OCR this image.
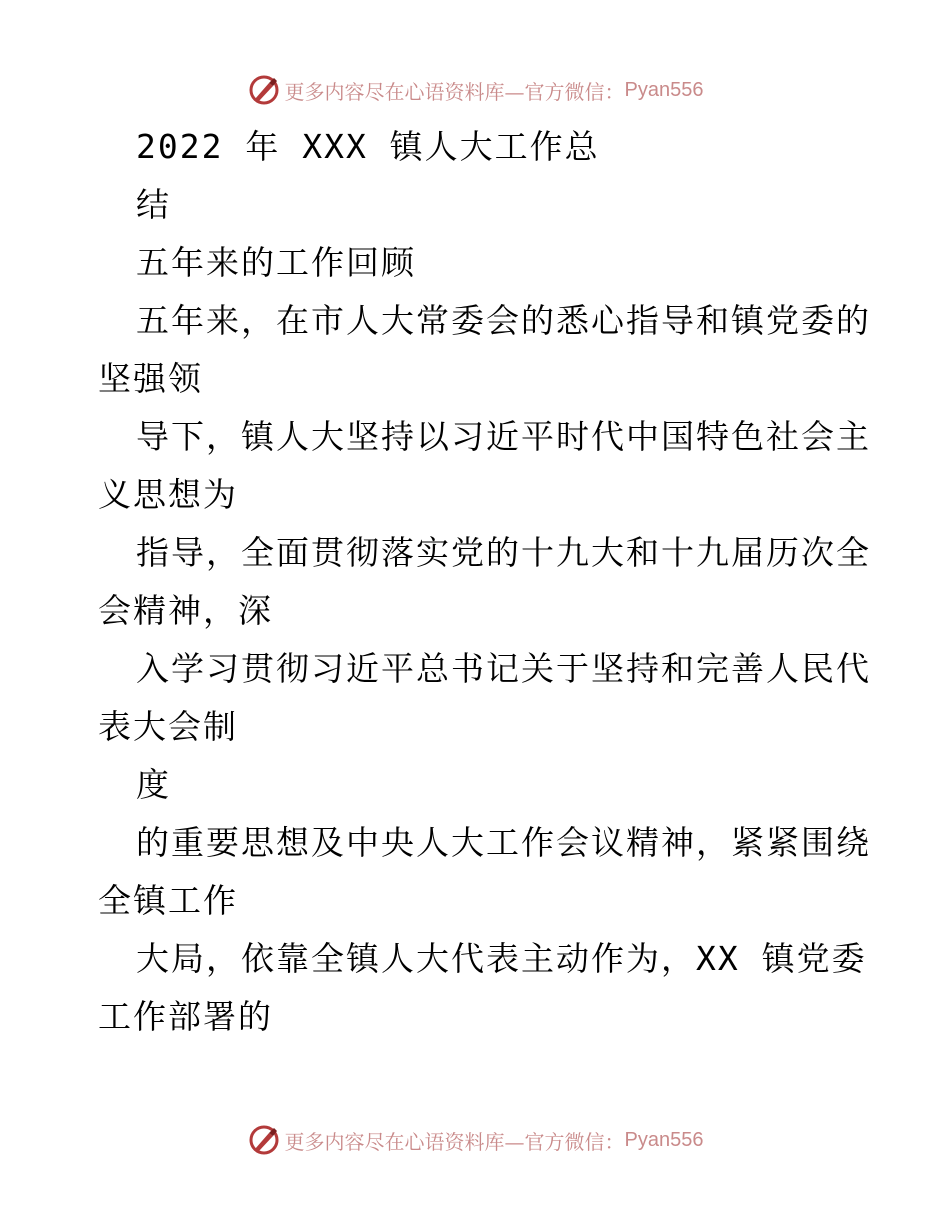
更多内容尽在心语资料库—官方微信： Pyan556
2022 年 XXX 镇人大工作总
结
五年来的工作回顾
五年来，在市人大常委会的悉心指导和镇党委的
坚强领
导下，镇人大坚持以习近平时代中国特色社会主
义思想为
指导，全面贯彻落实党的十九大和十九届历次全
会精神，深
入学习贯彻习近平总书记关于坚持和完善人民代
表大会制
度
的重要思想及中央人大工作会议精神，紧紧围绕
全镇工作
大局，依靠全镇人大代表主动作为，XX 镇党委
工作部署的
更多内容尽在心语资料库—官方微信： Pyan556
